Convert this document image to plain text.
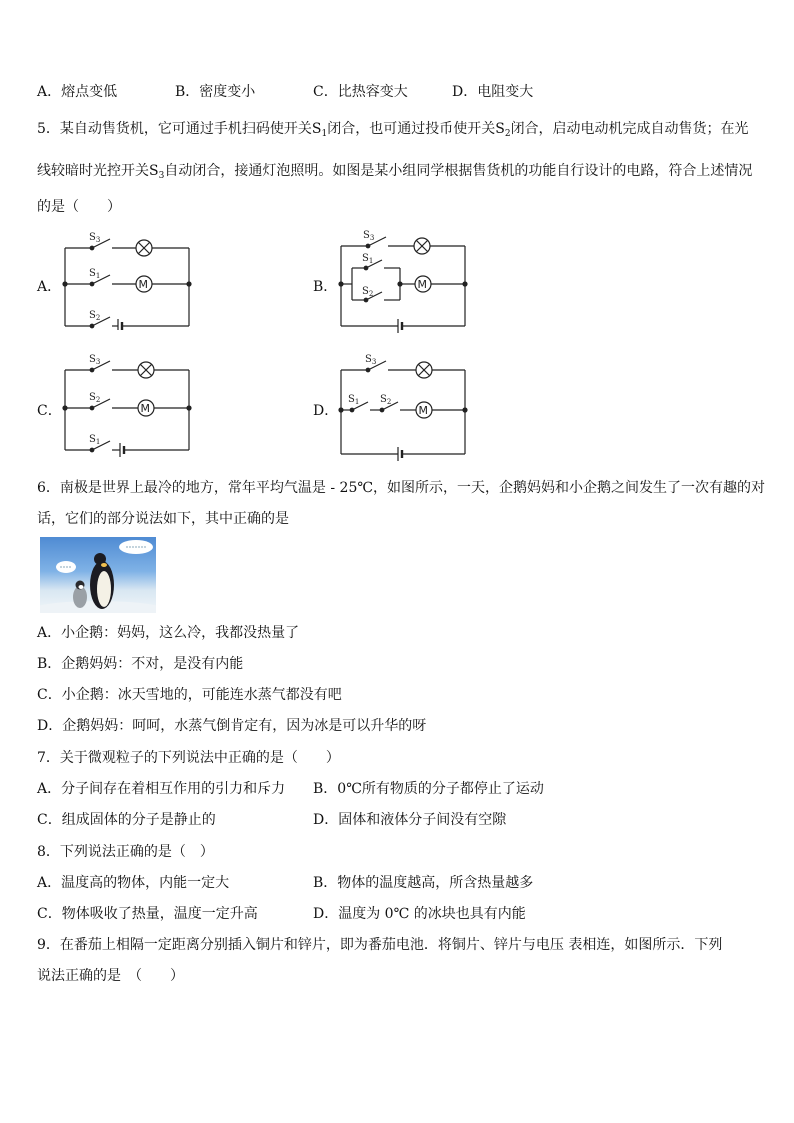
A．熔点变低	B．密度变小	C．比热容变大	D．电阻变大
5．某自动售货机，它可通过手机扫码使开关$S_1$闭合，也可通过投币使开关$S_2$闭合，启动电动机完成自动售货；在光
线较暗时光控开关$S_3$自动闭合，接通灯泡照明。如图是某小组同学根据售货机的功能自行设计的电路，符合上述情况
的是（　　）
A．	B．
C．	D．
M
$S_3$
$S_1$
$S_2$
M
$S_3$
$S_1$
$S_2$
M
$S_3$
$S_2$
$S_1$
M
$S_3$
$S_1$ $S_2$
6．南极是世界上最冷的地方，常年平均气温是 - 25℃，如图所示，一天，企鹅妈妈和小企鹅之间发生了一次有趣的对
话，它们的部分说法如下，其中正确的是
A．小企鹅：妈妈，这么冷，我都没热量了
B．企鹅妈妈：不对，是没有内能
C．小企鹅：冰天雪地的，可能连水蒸气都没有吧
D．企鹅妈妈：呵呵，水蒸气倒肯定有，因为冰是可以升华的呀
7．关于微观粒子的下列说法中正确的是（　　）
A．分子间存在着相互作用的引力和斥力 B．0℃所有物质的分子都停止了运动
C．组成固体的分子是静止的	D．固体和液体分子间没有空隙
8．下列说法正确的是（　）
A．温度高的物体，内能一定大	B．物体的温度越高，所含热量越多
C．物体吸收了热量，温度一定升高	D．温度为 0℃ 的冰块也具有内能
9．在番茄上相隔一定距离分别插入铜片和锌片，即为番茄电池．将铜片、锌片与电压 表相连，如图所示．下列
说法正确的是　（　　）
